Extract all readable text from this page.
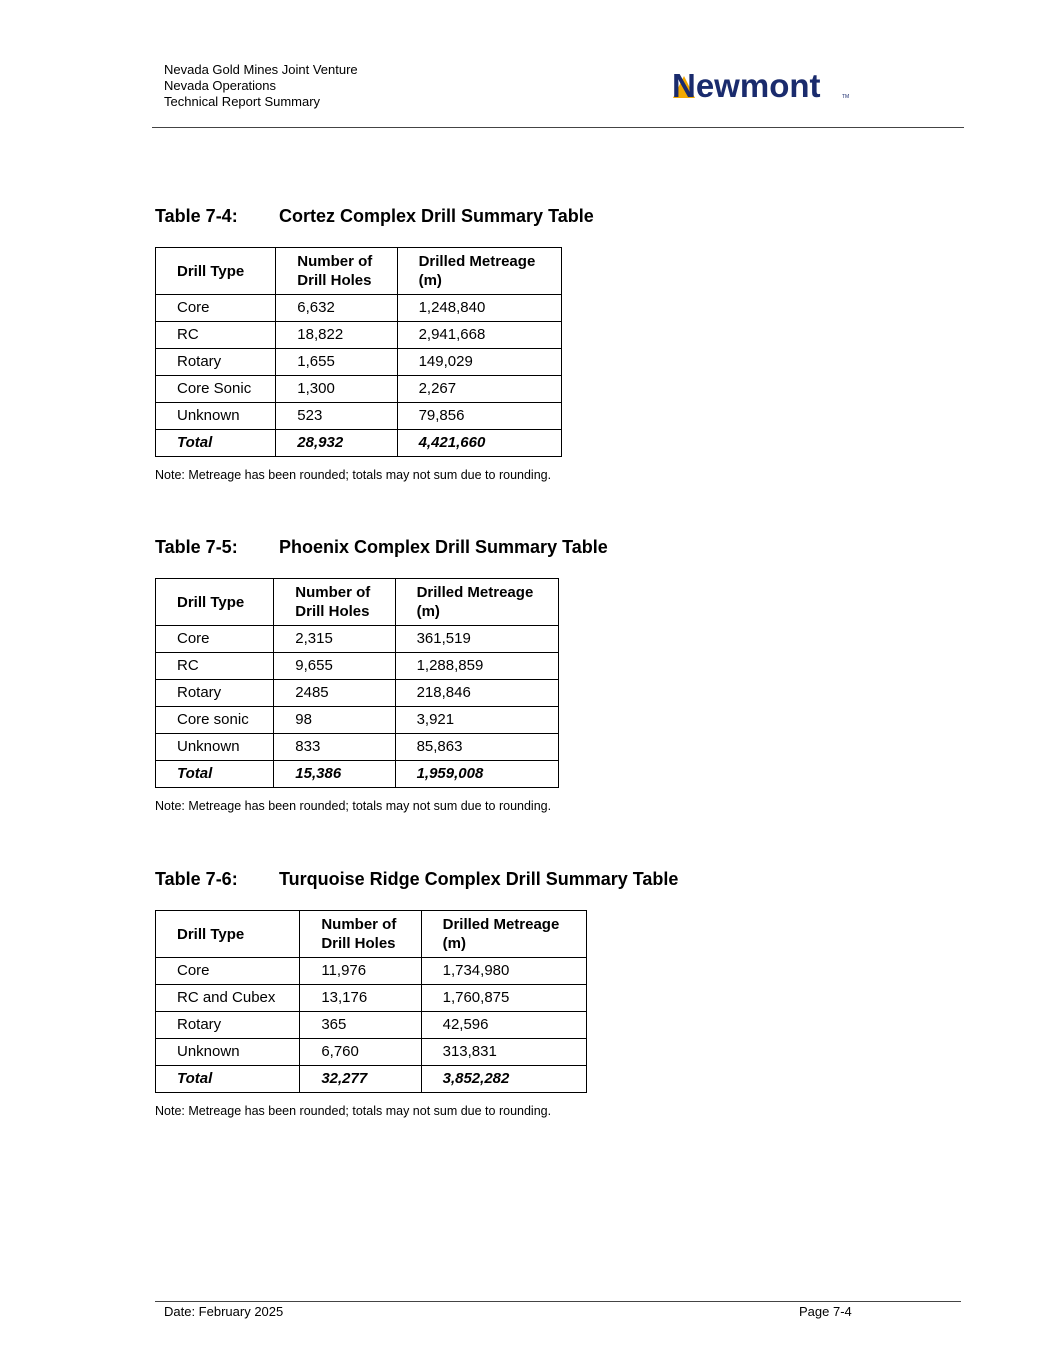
Nevada Gold Mines Joint Venture
Nevada Operations
Technical Report Summary	Newmont	TM
Table 7-4: Cortez Complex Drill Summary Table
Drill Type	Number of Drill Holes	Drilled Metreage (m)
Core	6,632	1,248,840
RC	18,822	2,941,668
Rotary	1,655	149,029
Core Sonic	1,300	2,267
Unknown	523	79,856
Total	28,932	4,421,660
Note: Metreage has been rounded; totals may not sum due to rounding.
Table 7-5: Phoenix Complex Drill Summary Table
Drill Type	Number of Drill Holes	Drilled Metreage (m)
Core	2,315	361,519
RC	9,655	1,288,859
Rotary	2485	218,846
Core sonic	98	3,921
Unknown	833	85,863
Total	15,386	1,959,008
Note: Metreage has been rounded; totals may not sum due to rounding.
Table 7-6: Turquoise Ridge Complex Drill Summary Table
Drill Type	Number of Drill Holes	Drilled Metreage (m)
Core	11,976	1,734,980
RC and Cubex	13,176	1,760,875
Rotary	365	42,596
Unknown	6,760	313,831
Total	32,277	3,852,282
Note: Metreage has been rounded; totals may not sum due to rounding.
Date: February 2025	Page 7-4
